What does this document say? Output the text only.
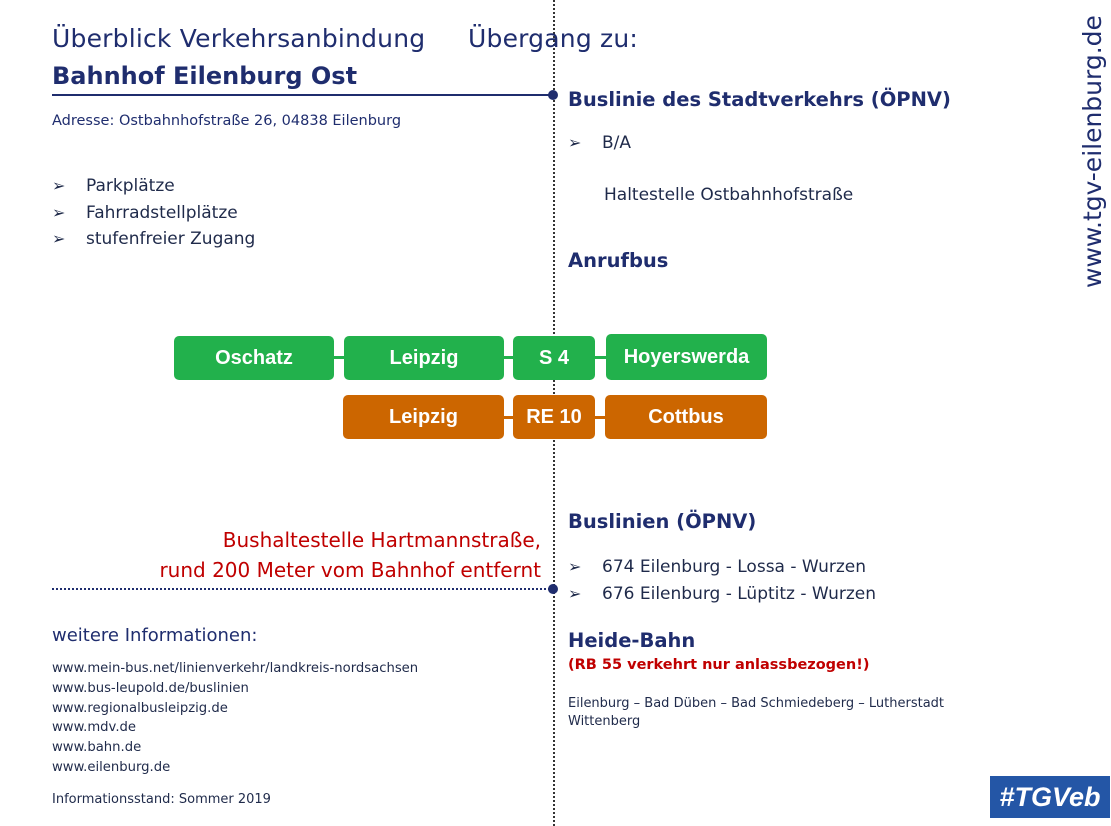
Überblick Verkehrsanbindung Übergang zu:
Bahnhof Eilenburg Ost
Adresse: Ostbahnhofstraße 26, 04838 Eilenburg
➢	Parkplätze
➢	Fahrradstellplätze
➢	stufenfreier Zugang
Buslinie des Stadtverkehrs (ÖPNV)
➢ B/A
Haltestelle Ostbahnhofstraße
Anrufbus
Oschatz	Leipzig	S 4	Hoyerswerda
Leipzig	RE 10	Cottbus
Bushaltestelle Hartmannstraße,
rund 200 Meter vom Bahnhof entfernt
Buslinien (ÖPNV)
➢	674 Eilenburg - Lossa - Wurzen
➢	676 Eilenburg - Lüptitz - Wurzen
Heide-Bahn
(RB 55 verkehrt nur anlassbezogen!)
Eilenburg – Bad Düben – Bad Schmiedeberg – Lutherstadt
Wittenberg
weitere Informationen:
www.mein-bus.net/linienverkehr/landkreis-nordsachsen
www.bus-leupold.de/buslinien
www.regionalbusleipzig.de
www.mdv.de
www.bahn.de
www.eilenburg.de
Informationsstand: Sommer 2019
www.tgv-eilenburg.de
#TGVeb
